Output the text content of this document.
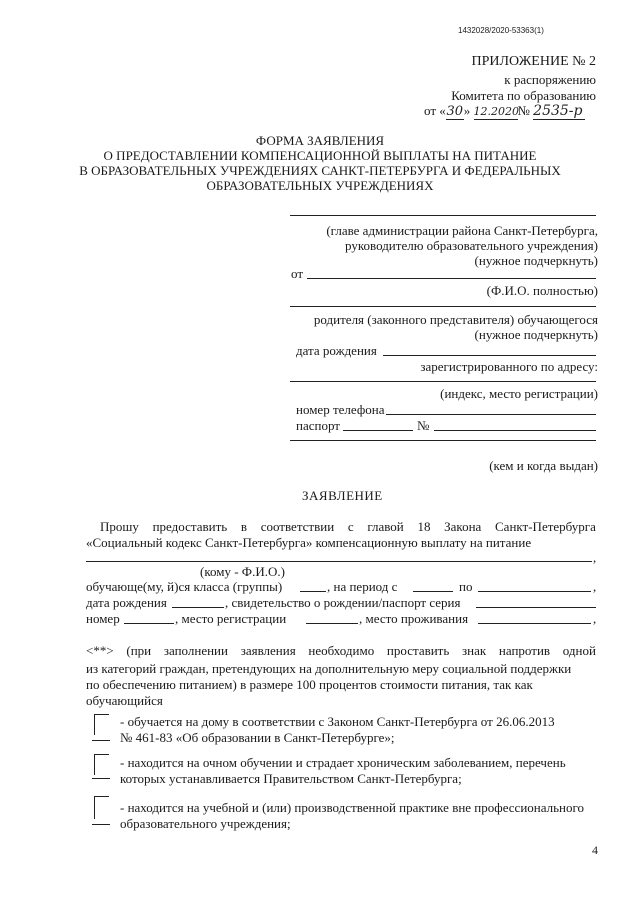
1432028/2020-53363(1)
ПРИЛОЖЕНИЕ № 2
к распоряжению
Комитета по образованию
от «30» 12.2020№ 2535-р
ФОРМА ЗАЯВЛЕНИЯ
О ПРЕДОСТАВЛЕНИИ КОМПЕНСАЦИОННОЙ ВЫПЛАТЫ НА ПИТАНИЕ
В ОБРАЗОВАТЕЛЬНЫХ УЧРЕЖДЕНИЯХ САНКТ-ПЕТЕРБУРГА И ФЕДЕРАЛЬНЫХ
ОБРАЗОВАТЕЛЬНЫХ УЧРЕЖДЕНИЯХ
(главе администрации района Санкт-Петербурга,
руководителю образовательного учреждения)
(нужное подчеркнуть)
от
(Ф.И.О. полностью)
родителя (законного представителя) обучающегося
(нужное подчеркнуть)
дата рождения
зарегистрированного по адресу:
(индекс, место регистрации)
номер телефона
паспорт	№
(кем и когда выдан)
ЗАЯВЛЕНИЕ
Прошу предоставить в соответствии с главой 18 Закона Санкт-Петербурга
«Социальный кодекс Санкт-Петербурга» компенсационную выплату на питание
,
(кому - Ф.И.О.)
обучающе(му, й)ся класса (группы)	, на период с	по	,
дата рождения	, свидетельство о рождении/паспорт серия
номер	, место регистрации	, место проживания	,
<**> (при заполнении заявления необходимо проставить знак напротив одной
из категорий граждан, претендующих на дополнительную меру социальной поддержки
по обеспечению питанием) в размере 100 процентов стоимости питания, так как
обучающийся
- обучается на дому в соответствии с Законом Санкт-Петербурга от 26.06.2013
№ 461-83 «Об образовании в Санкт-Петербурге»;
- находится на очном обучении и страдает хроническим заболеванием, перечень
которых устанавливается Правительством Санкт-Петербурга;
- находится на учебной и (или) производственной практике вне профессионального
образовательного учреждения;
4
